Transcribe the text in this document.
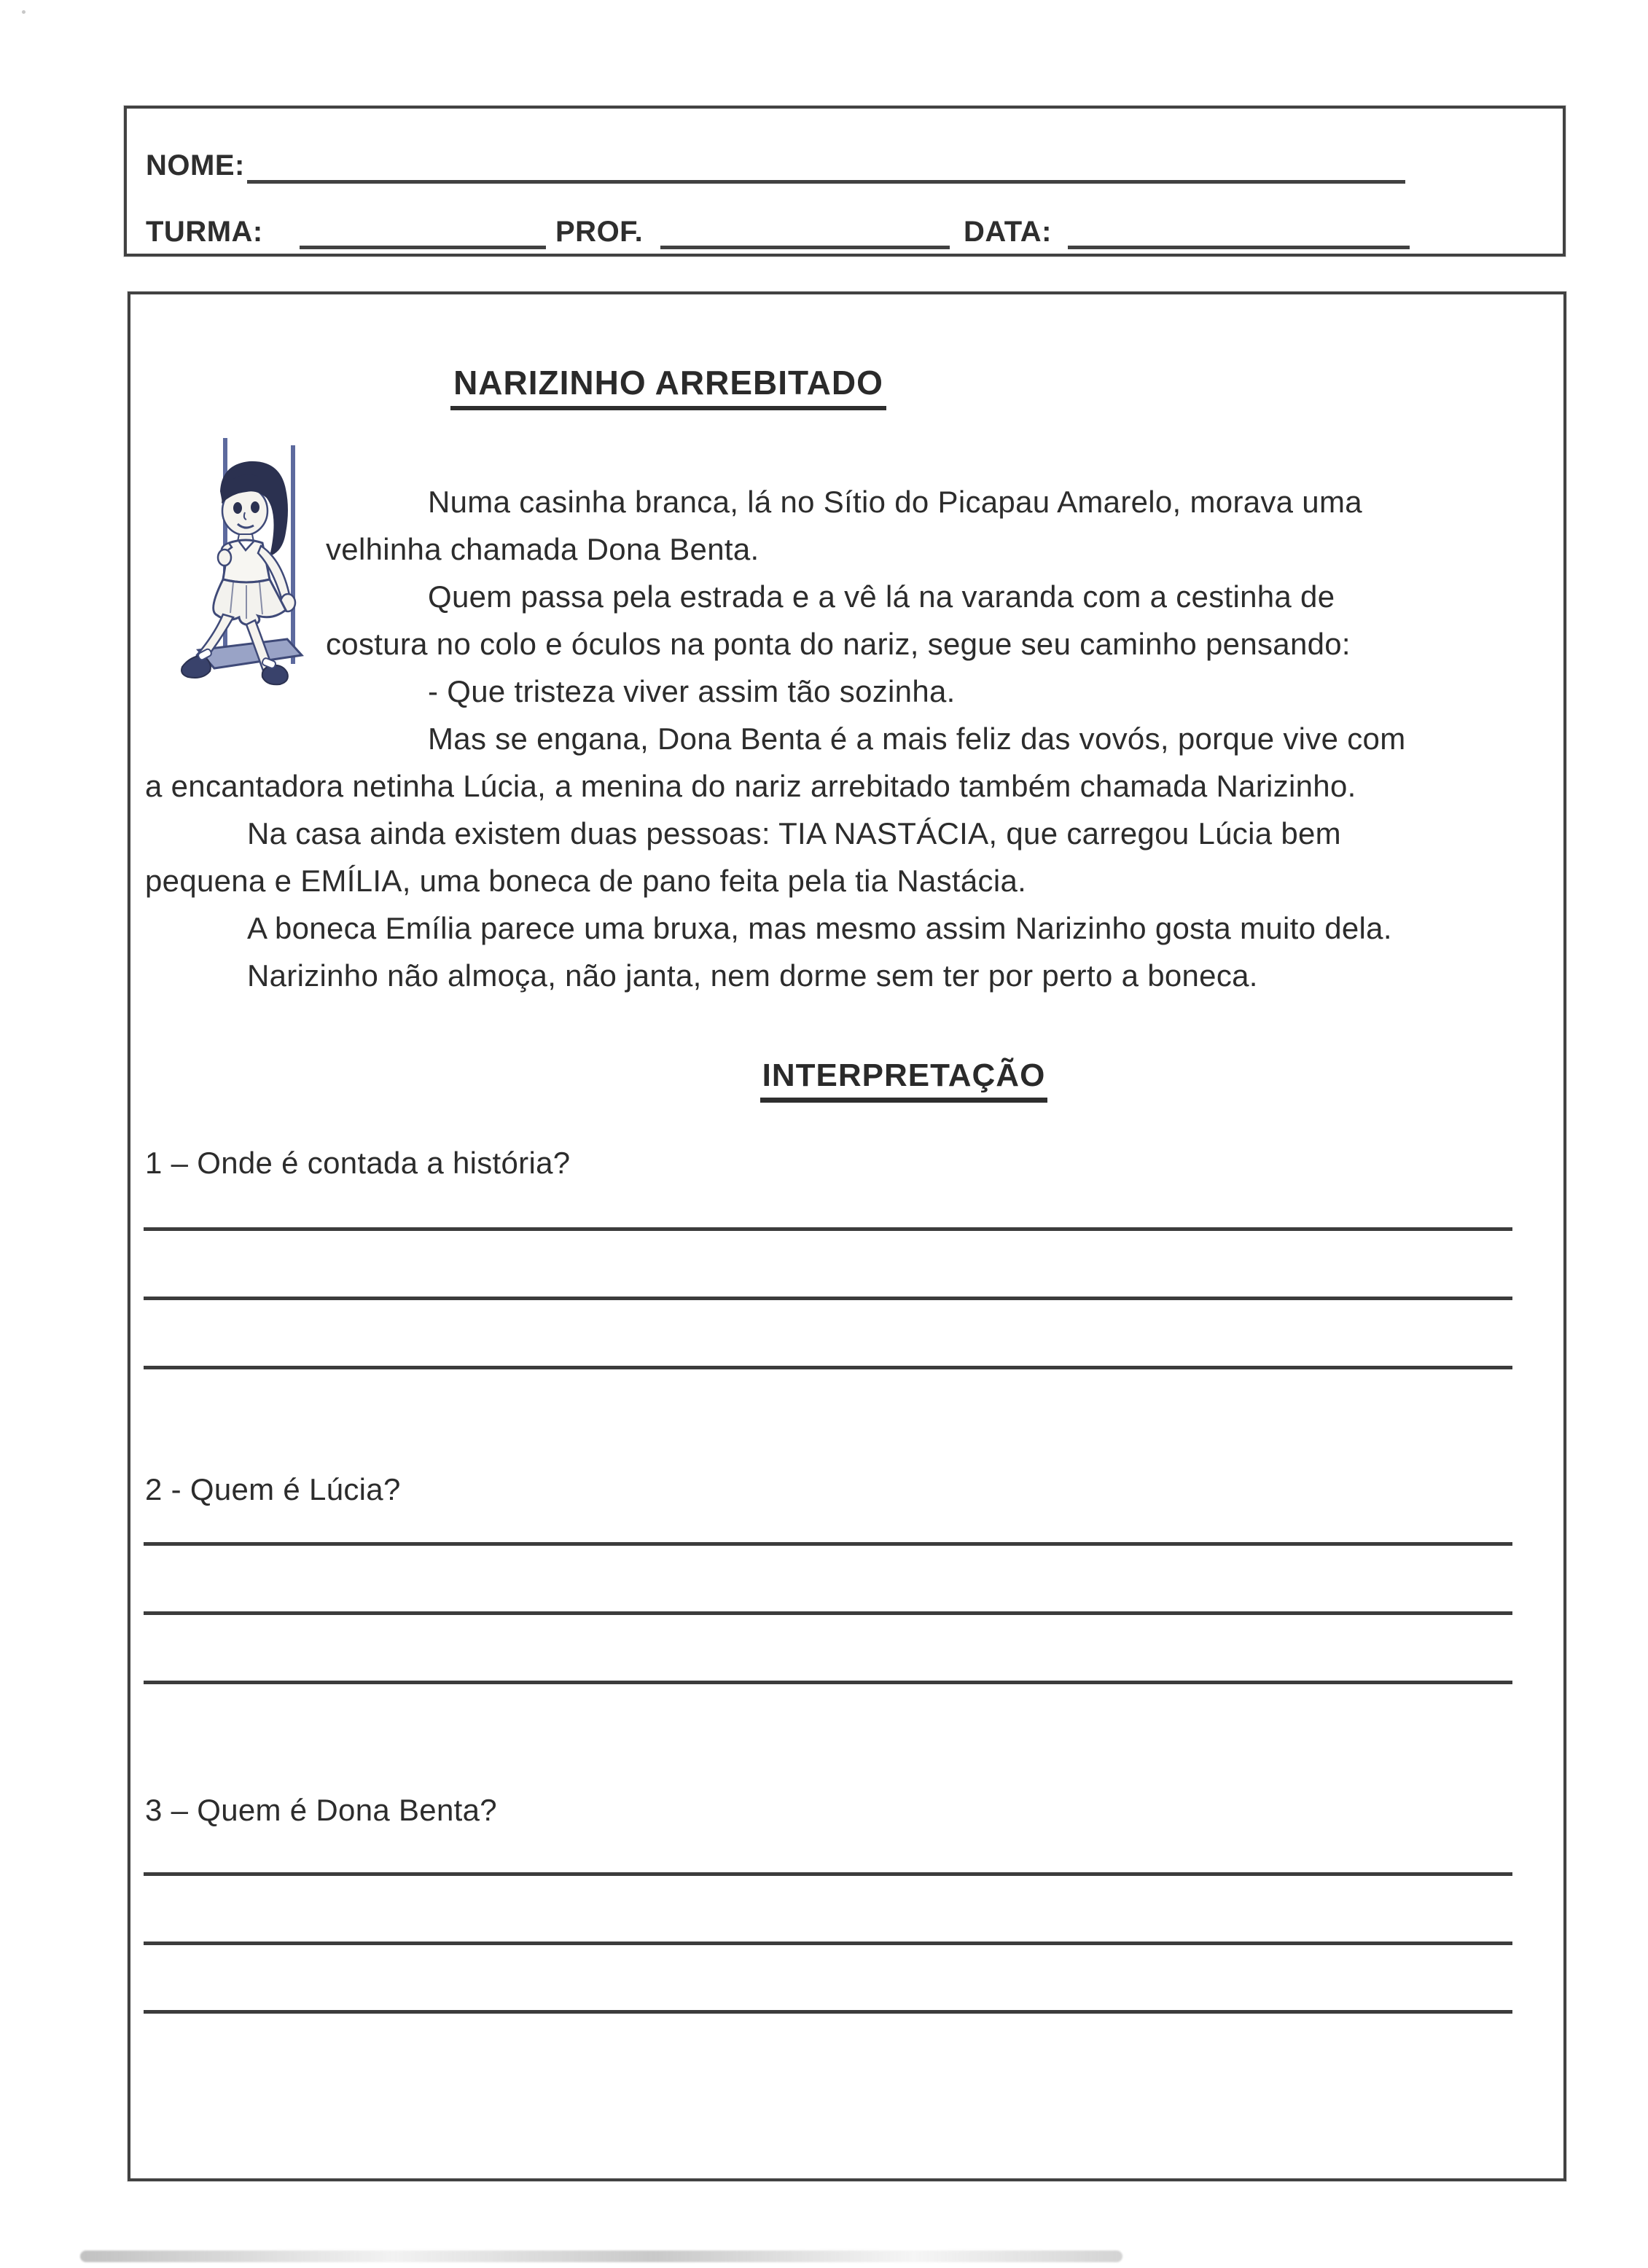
NOME:
TURMA:	PROF.	DATA:
NARIZINHO ARREBITADO
Numa casinha branca, lá no Sítio do Picapau Amarelo, morava uma
velhinha chamada Dona Benta.
Quem passa pela estrada e a vê lá na varanda com a cestinha de
costura no colo e óculos na ponta do nariz, segue seu caminho pensando:
- Que tristeza viver assim tão sozinha.
Mas se engana, Dona Benta é a mais feliz das vovós, porque vive com
a encantadora netinha Lúcia, a menina do nariz arrebitado também chamada Narizinho.
Na casa ainda existem duas pessoas: TIA NASTÁCIA, que carregou Lúcia bem
pequena e EMÍLIA, uma boneca de pano feita pela tia Nastácia.
A boneca Emília parece uma bruxa, mas mesmo assim Narizinho gosta muito dela.
Narizinho não almoça, não janta, nem dorme sem ter por perto a boneca.
INTERPRETAÇÃO
1 – Onde é contada a história?
2 - Quem é Lúcia?
3 – Quem é Dona Benta?
